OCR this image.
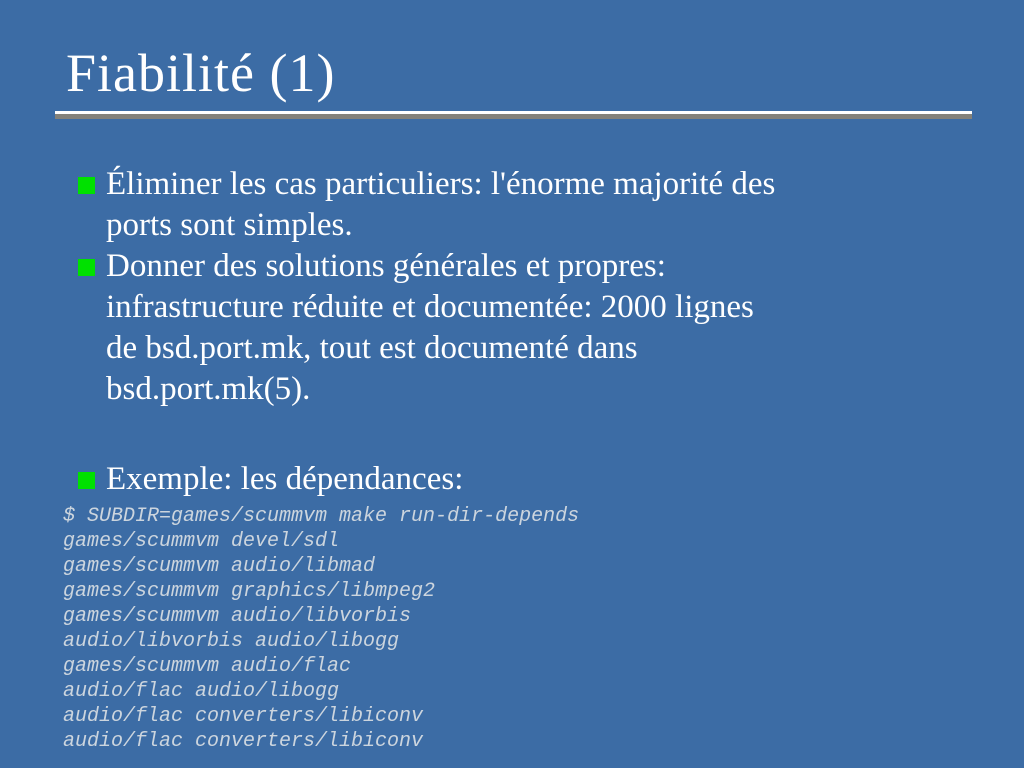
Fiabilité (1)
Éliminer les cas particuliers: l'énorme majorité des
ports sont simples.
Donner des solutions générales et propres:
infrastructure réduite et documentée: 2000 lignes
de bsd.port.mk, tout est documenté dans
bsd.port.mk(5).
Exemple: les dépendances:
$ SUBDIR=games/scummvm make run-dir-depends
games/scummvm devel/sdl
games/scummvm audio/libmad
games/scummvm graphics/libmpeg2
games/scummvm audio/libvorbis
audio/libvorbis audio/libogg
games/scummvm audio/flac
audio/flac audio/libogg
audio/flac converters/libiconv
audio/flac converters/libiconv
